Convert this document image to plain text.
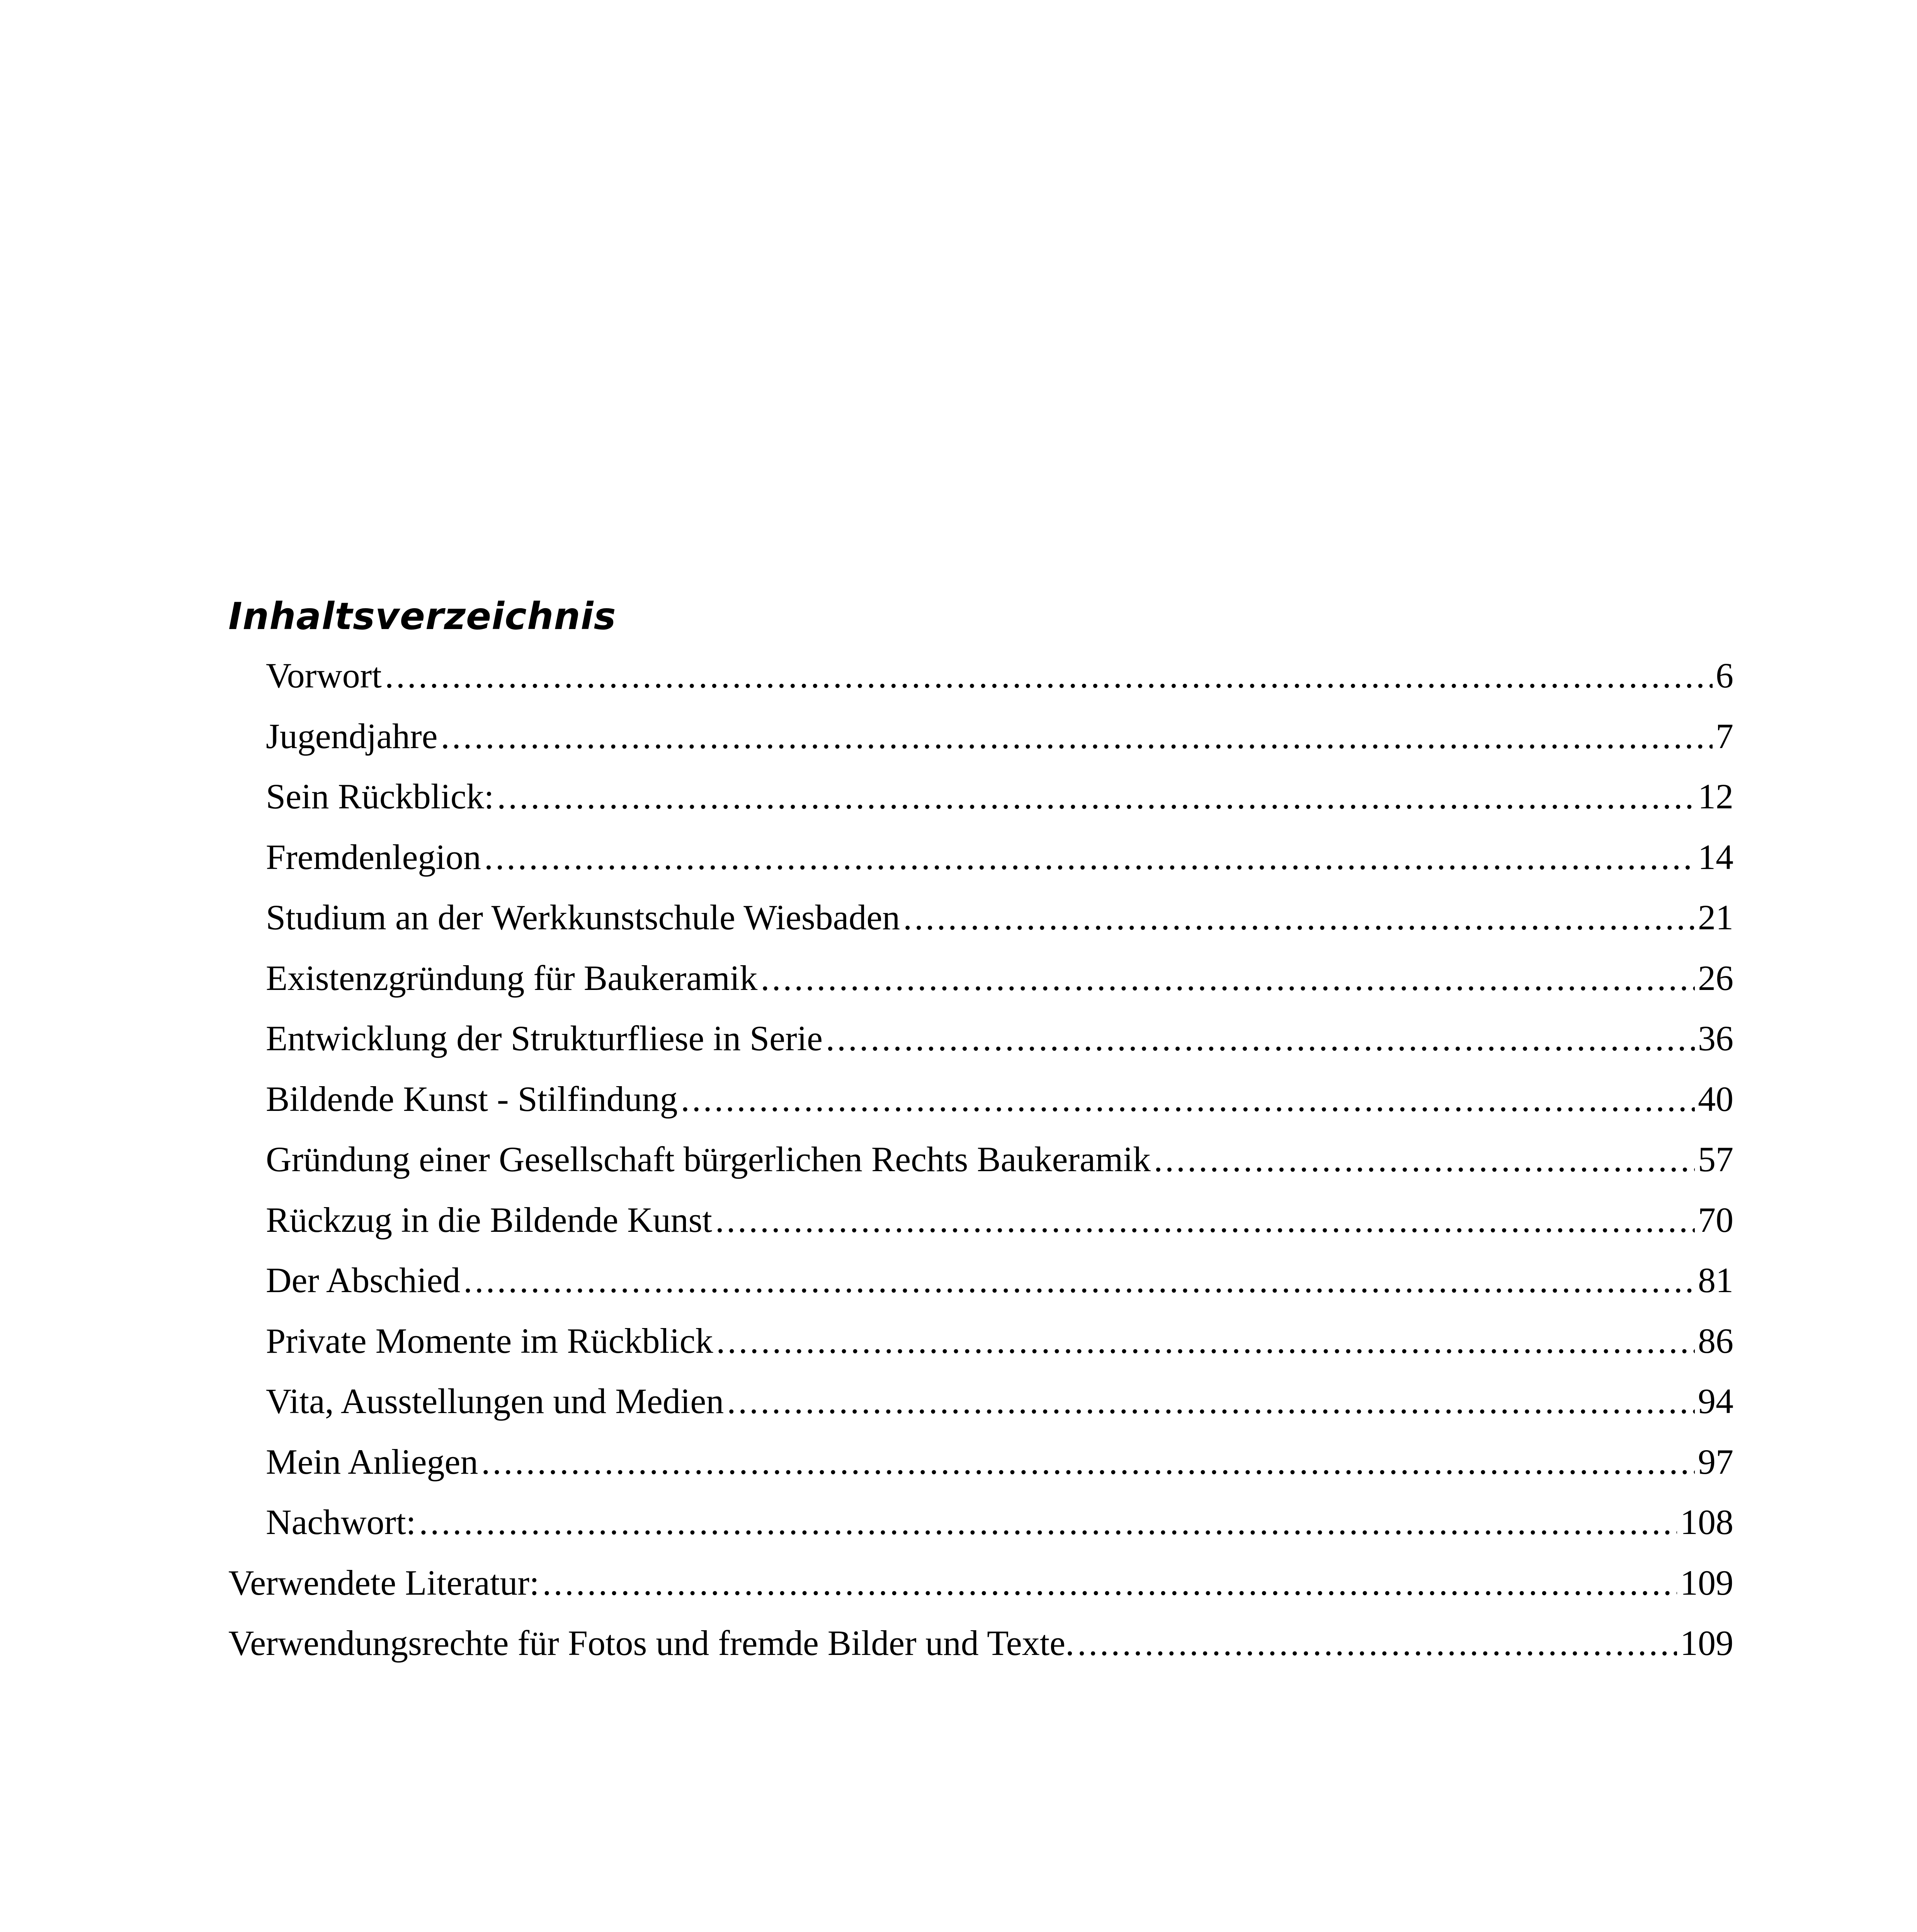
Inhaltsverzeichnis
Vorwort .....	6
Jugendjahre .....	7
Sein Rückblick: .....	12
Fremdenlegion .....	14
Studium an der Werkkunstschule Wiesbaden .....	21
Existenzgründung für Baukeramik .....	26
Entwicklung der Strukturfliese in Serie .....	36
Bildende Kunst - Stilfindung .....	40
Gründung einer Gesellschaft bürgerlichen Rechts Baukeramik .....	57
Rückzug in die Bildende Kunst .....	70
Der Abschied .....	81
Private Momente im Rückblick .....	86
Vita, Ausstellungen und Medien .....	94
Mein Anliegen .....	97
Nachwort: .....	108
Verwendete Literatur: .....	109
Verwendungsrechte für Fotos und fremde Bilder und Texte. .....	109
